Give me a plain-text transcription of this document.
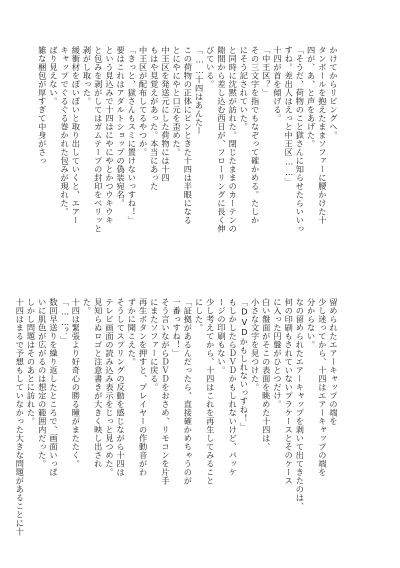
かけてからリビングへ。
タンボールを抱えたままソファーに腰かけた十
四が、あ、と声をあげた。
「そうだ、荷物のこと獄さんに知らせたらいいっ
すね。差出人はえっと中王区……」
十四が首を傾げる。
「中王区？」
その三文字を指でもなぞって確かめる。たしか
にそう記されていた。
と同時に沈黙が訪れた。閉じたままのカーテンの
隙間から差し込む西日が、フローリングに長く伸
びている。
「……十四はあんたー
この荷物の正体にピンときた十四は半眼になる
とにやにやと口元を歪めた。
中王区を発送元にした荷物には十四
もはや見覚えがあった。本当にあった
中王区が配布してるやつか。
「きっと、獄さんもスミに置けないっすね！」
要はこれはアダルトショップの偽装宛名。
という見込みで十四はにやにやとかつウキウキ
と包みを剥がしてはガムテープの封印をベリッと
剥がし取った。
緩衝材をぽいぽいと取り出していくと、エアー
キャップでぐるぐる巻かれた包みが現れた。
ばり見えない。
雑な梱包が厚すぎて中身がさっ
留められたエアーキャップの端を
少し迷ってから、十四はエアーキャップの端を
分からない。
なの留められたエアーキャップを剥いて出てきたのは、
何の印刷もされていないプラケースとそのケース
に入った円盤がひとつだけ。
白い盤面がそこの表面を眺めた十四は、
小さな文字を見つけた。
「DVDかもしれないっすね！」
もしかしたらＤＶＤかもしれないけど、パッケ
ージの印刷もない。
少し考えてから、十四はこれを再生してみること
にした。
「証拠があるんだったら、直接確かめちゃうのが
一番っすね！」
そう言いながらＤＶＤをおさめ、リモコンを片手
にまたソファーに戻る。
再生ボタンを押すと、プレイヤーの作動音がわ
ずかに聞こえた。
そうしてスプリングの反動を感じながら十四は
テレビ画面の読み込み表示をじっと見つめた。
見知らぬロゴと注意書きが大きく映し出され
た。
十四は緊張より好奇心の勝る瞳がまたたく。
「……？」
数回早送りを繰り返したところで、画面いっぱ
いに肌色が広がるのは想定の範囲内だった。
しかし問題はそのあとに訪れた。
十四はまるで予想もしていなかった大きな問題があることに十
